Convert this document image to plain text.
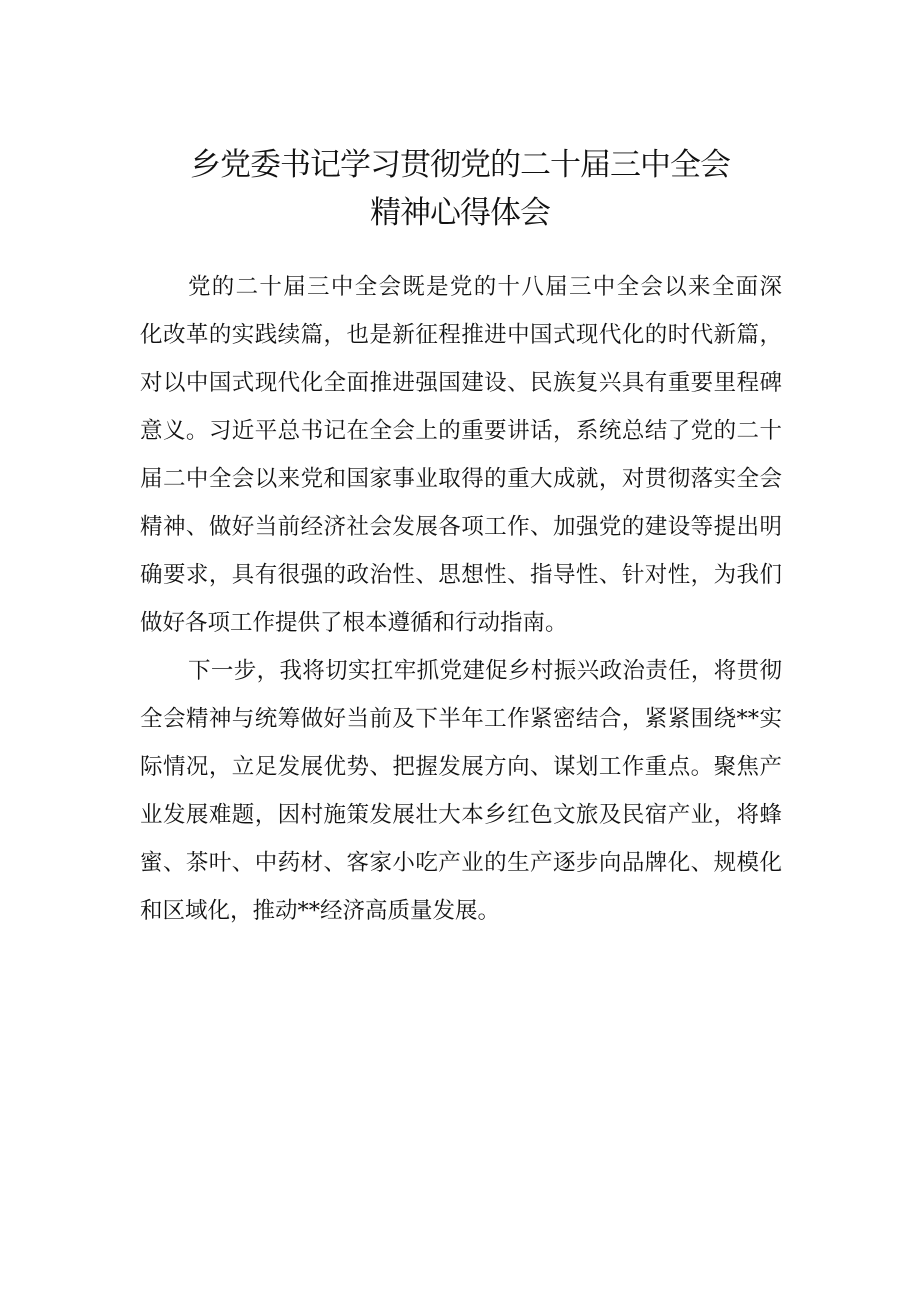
乡党委书记学习贯彻党的二十届三中全会
精神心得体会
党的二十届三中全会既是党的十八届三中全会以来全面深
化改革的实践续篇，也是新征程推进中国式现代化的时代新篇，
对以中国式现代化全面推进强国建设、民族复兴具有重要里程碑
意义。习近平总书记在全会上的重要讲话，系统总结了党的二十
届二中全会以来党和国家事业取得的重大成就，对贯彻落实全会
精神、做好当前经济社会发展各项工作、加强党的建设等提出明
确要求，具有很强的政治性、思想性、指导性、针对性，为我们
做好各项工作提供了根本遵循和行动指南。
下一步，我将切实扛牢抓党建促乡村振兴政治责任，将贯彻
全会精神与统筹做好当前及下半年工作紧密结合，紧紧围绕**实
际情况，立足发展优势、把握发展方向、谋划工作重点。聚焦产
业发展难题，因村施策发展壮大本乡红色文旅及民宿产业，将蜂
蜜、茶叶、中药材、客家小吃产业的生产逐步向品牌化、规模化
和区域化，推动**经济高质量发展。
